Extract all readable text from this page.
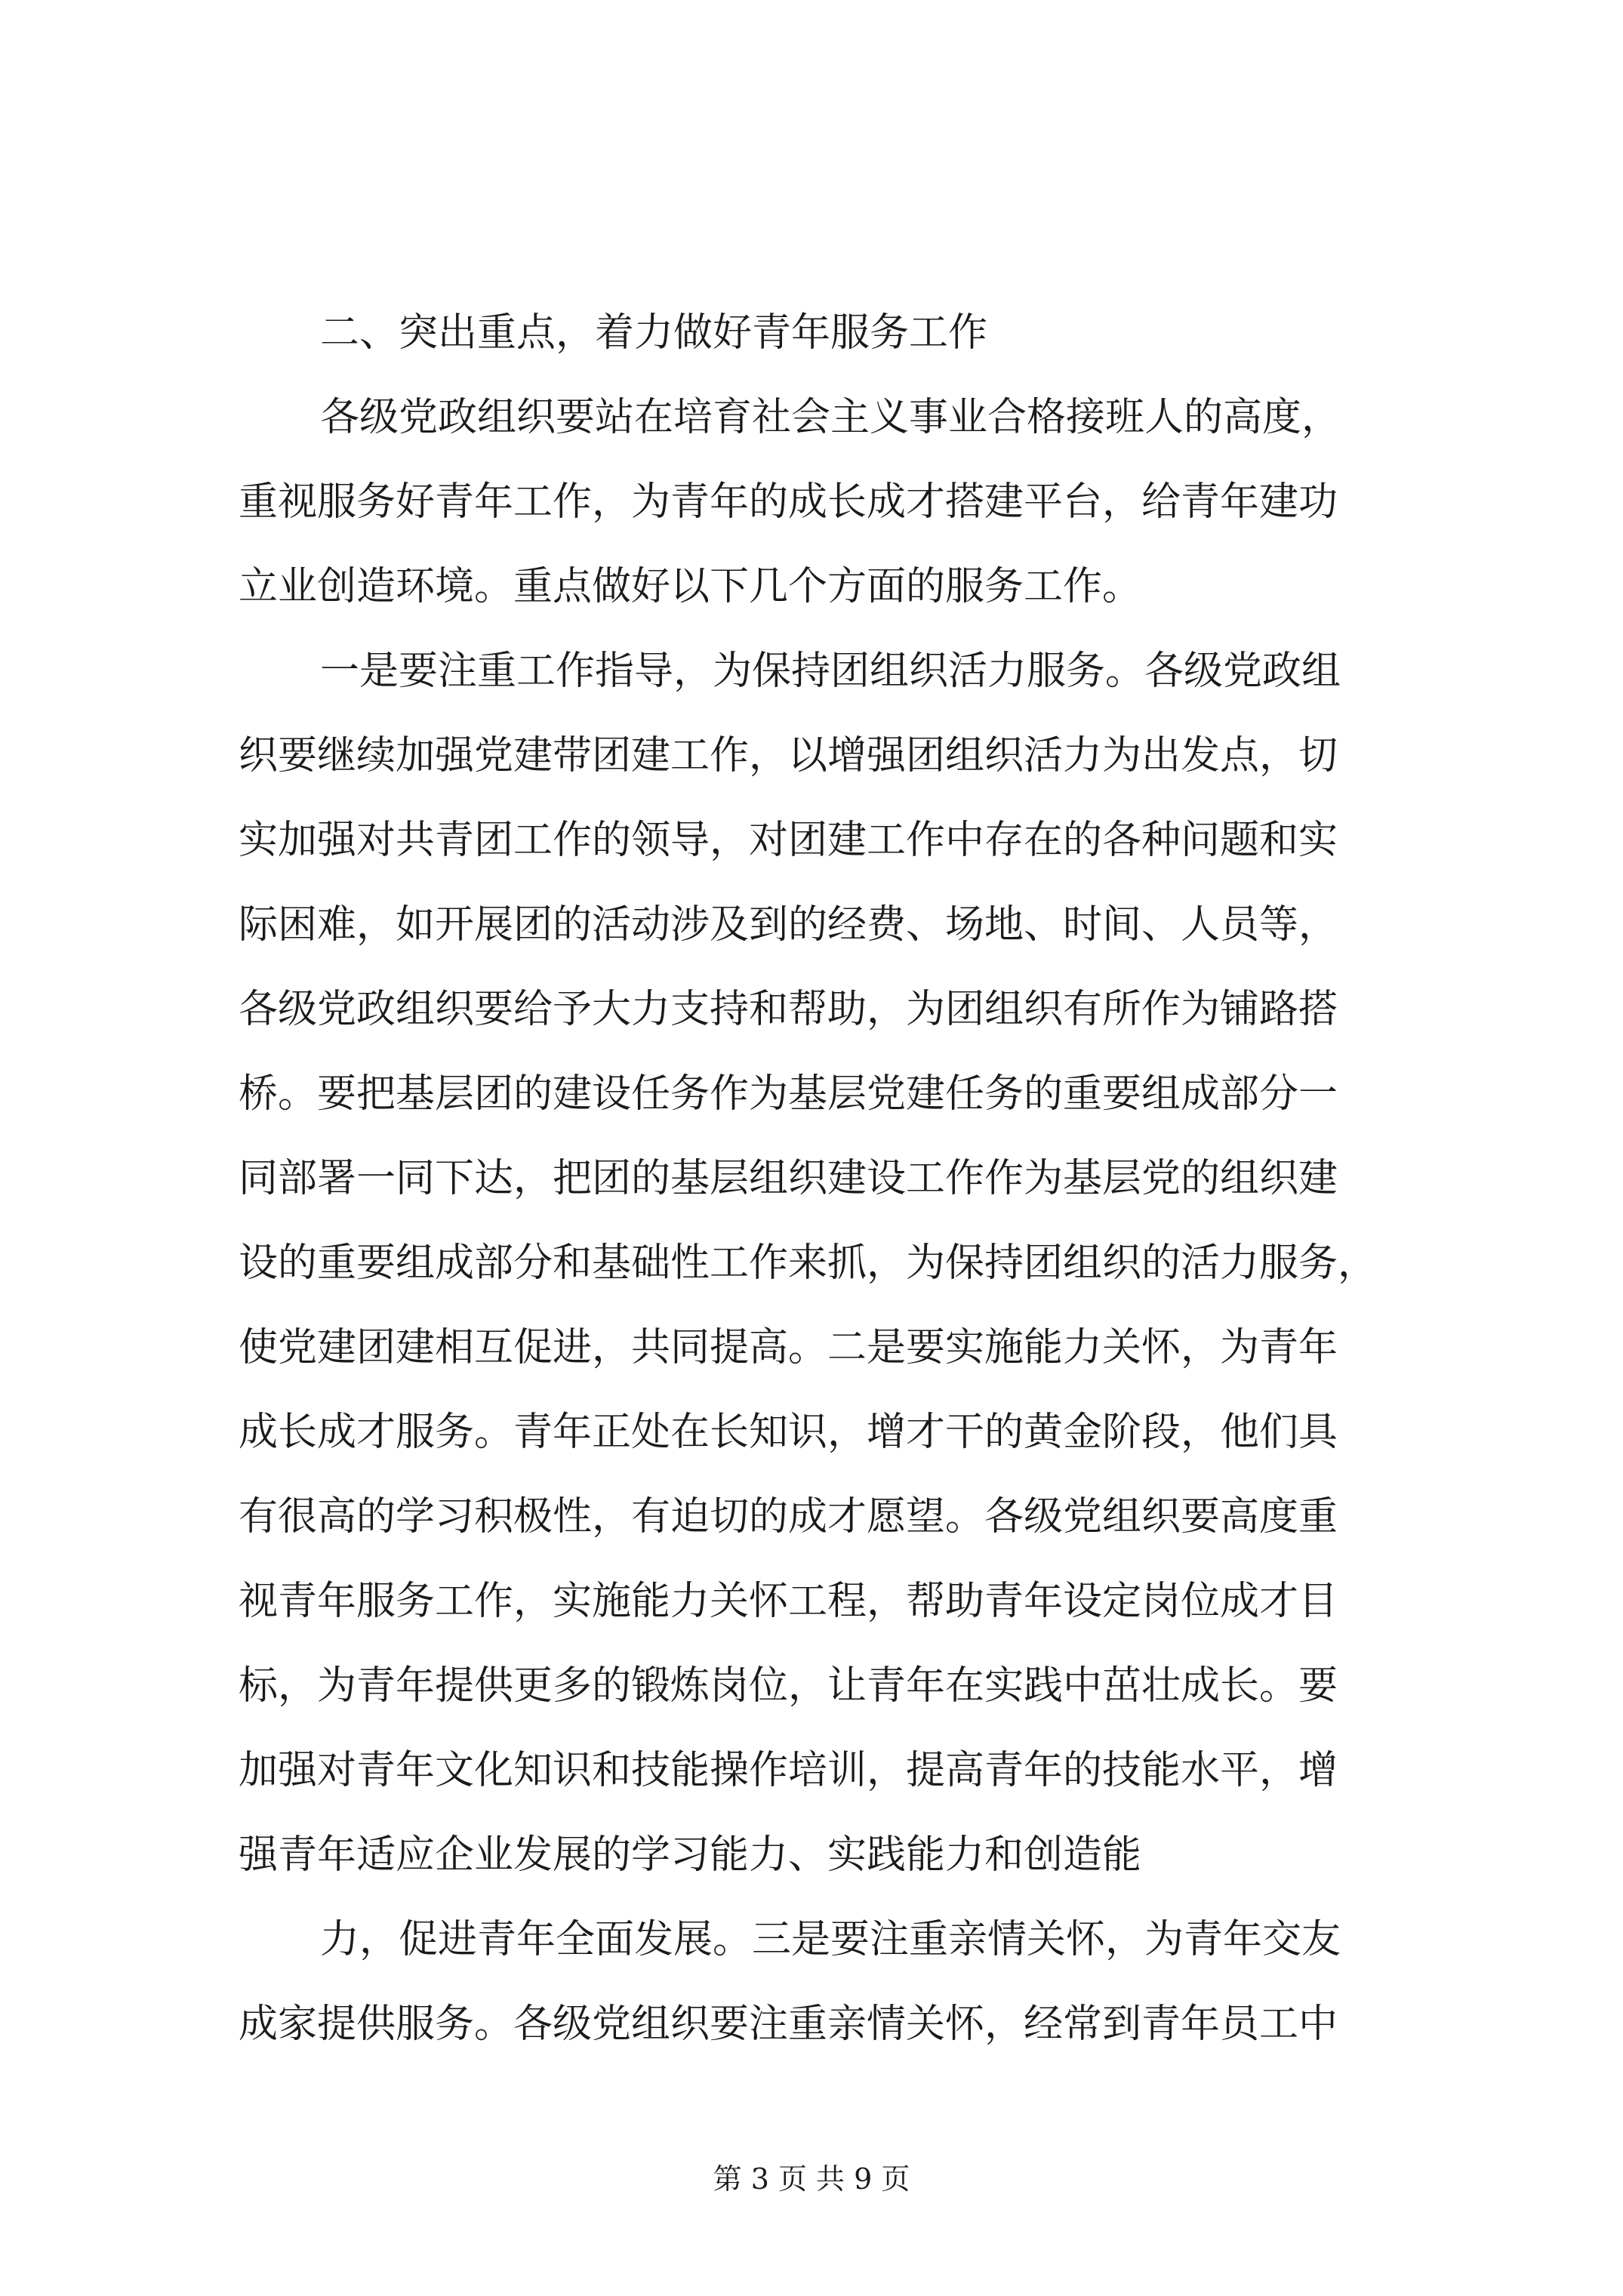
二、突出重点，着力做好青年服务工作
各级党政组织要站在培育社会主义事业合格接班人的高度，
重视服务好青年工作，为青年的成长成才搭建平台，给青年建功
立业创造环境。重点做好以下几个方面的服务工作。
一是要注重工作指导，为保持团组织活力服务。各级党政组
织要继续加强党建带团建工作，以增强团组织活力为出发点，切
实加强对共青团工作的领导，对团建工作中存在的各种问题和实
际困难，如开展团的活动涉及到的经费、场地、时间、人员等，
各级党政组织要给予大力支持和帮助，为团组织有所作为铺路搭
桥。要把基层团的建设任务作为基层党建任务的重要组成部分一
同部署一同下达，把团的基层组织建设工作作为基层党的组织建
设的重要组成部分和基础性工作来抓，为保持团组织的活力服务，
使党建团建相互促进，共同提高。二是要实施能力关怀，为青年
成长成才服务。青年正处在长知识，增才干的黄金阶段，他们具
有很高的学习积极性，有迫切的成才愿望。各级党组织要高度重
视青年服务工作，实施能力关怀工程，帮助青年设定岗位成才目
标，为青年提供更多的锻炼岗位，让青年在实践中茁壮成长。要
加强对青年文化知识和技能操作培训，提高青年的技能水平，增
强青年适应企业发展的学习能力、实践能力和创造能
力，促进青年全面发展。三是要注重亲情关怀，为青年交友
成家提供服务。各级党组织要注重亲情关怀，经常到青年员工中
第 3 页 共 9 页
